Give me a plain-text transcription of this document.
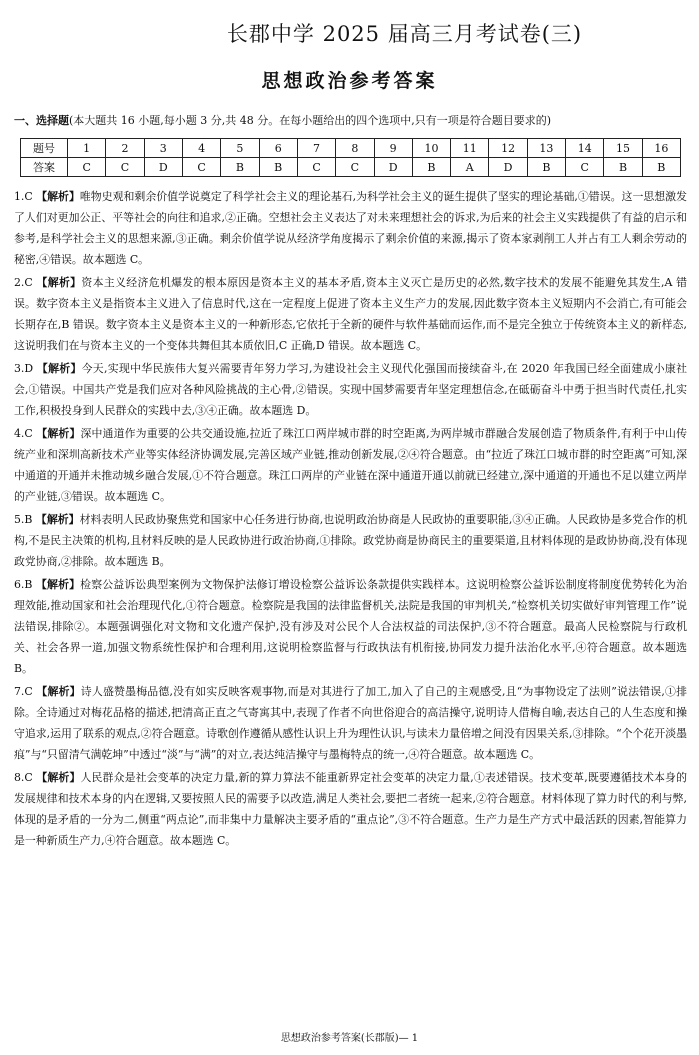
长郡中学 2025 届高三月考试卷(三)
思想政治参考答案
一、选择题(本大题共 16 小题,每小题 3 分,共 48 分。在每小题给出的四个选项中,只有一项是符合题目要求的)
题号	1	2	3	4	5	6	7	8	9	10	11	12	13	14	15	16
答案	C	C	D	C	B	B	C	C	D	B	A	D	B	C	B	B

1.C 【解析】唯物史观和剩余价值学说奠定了科学社会主义的理论基石,为科学社会主义的诞生提供了坚实的理论基础,①错误。这一思想激发了人们对更加公正、平等社会的向往和追求,②正确。空想社会主义表达了对未来理想社会的诉求,为后来的社会主义实践提供了有益的启示和参考,是科学社会主义的思想来源,③正确。剩余价值学说从经济学角度揭示了剩余价值的来源,揭示了资本家剥削工人并占有工人剩余劳动的秘密,④错误。故本题选 C。

2.C 【解析】资本主义经济危机爆发的根本原因是资本主义的基本矛盾,资本主义灭亡是历史的必然,数字技术的发展不能避免其发生,A 错误。数字资本主义是指资本主义进入了信息时代,这在一定程度上促进了资本主义生产力的发展,因此数字资本主义短期内不会消亡,有可能会长期存在,B 错误。数字资本主义是资本主义的一种新形态,它依托于全新的硬件与软件基础而运作,而不是完全独立于传统资本主义的新样态,这说明我们在与资本主义的一个变体共舞但其本质依旧,C 正确,D 错误。故本题选 C。

3.D 【解析】今天,实现中华民族伟大复兴需要青年努力学习,为建设社会主义现代化强国而接续奋斗,在 2020 年我国已经全面建成小康社会,①错误。中国共产党是我们应对各种风险挑战的主心骨,②错误。实现中国梦需要青年坚定理想信念,在砥砺奋斗中勇于担当时代责任,扎实工作,积极投身到人民群众的实践中去,③④正确。故本题选 D。

4.C 【解析】深中通道作为重要的公共交通设施,拉近了珠江口两岸城市群的时空距离,为两岸城市群融合发展创造了物质条件,有利于中山传统产业和深圳高新技术产业等实体经济协调发展,完善区域产业链,推动创新发展,②④符合题意。由“拉近了珠江口城市群的时空距离”可知,深中通道的开通并未推动城乡融合发展,①不符合题意。珠江口两岸的产业链在深中通道开通以前就已经建立,深中通道的开通也不足以建立两岸的产业链,③错误。故本题选 C。

5.B 【解析】材料表明人民政协聚焦党和国家中心任务进行协商,也说明政治协商是人民政协的重要职能,③④正确。人民政协是多党合作的机构,不是民主决策的机构,且材料反映的是人民政协进行政治协商,①排除。政党协商是协商民主的重要渠道,且材料体现的是政协协商,没有体现政党协商,②排除。故本题选 B。

6.B 【解析】检察公益诉讼典型案例为文物保护法修订增设检察公益诉讼条款提供实践样本。这说明检察公益诉讼制度将制度优势转化为治理效能,推动国家和社会治理现代化,①符合题意。检察院是我国的法律监督机关,法院是我国的审判机关,“检察机关切实做好审判管理工作”说法错误,排除②。本题强调强化对文物和文化遗产保护,没有涉及对公民个人合法权益的司法保护,③不符合题意。最高人民检察院与行政机关、社会各界一道,加强文物系统性保护和合理利用,这说明检察监督与行政执法有机衔接,协同发力提升法治化水平,④符合题意。故本题选 B。

7.C 【解析】诗人盛赞墨梅品德,没有如实反映客观事物,而是对其进行了加工,加入了自己的主观感受,且“为事物设定了法则”说法错误,①排除。全诗通过对梅花品格的描述,把清高正直之气寄寓其中,表现了作者不向世俗迎合的高洁操守,说明诗人借梅自喻,表达自己的人生态度和操守追求,运用了联系的观点,②符合题意。诗歌创作遵循从感性认识上升为理性认识,与读未力量倍增之间没有因果关系,③排除。“个个花开淡墨痕”与“只留清气满乾坤”中透过“淡”与“满”的对立,表达纯洁操守与墨梅特点的统一,④符合题意。故本题选 C。

8.C 【解析】人民群众是社会变革的决定力量,新的算力算法不能重新界定社会变革的决定力量,①表述错误。技术变革,既要遵循技术本身的发展规律和技术本身的内在逻辑,又要按照人民的需要予以改造,满足人类社会,要把二者统一起来,②符合题意。材料体现了算力时代的利与弊,体现的是矛盾的一分为二,侧重“两点论”,而非集中力量解决主要矛盾的“重点论”,③不符合题意。生产力是生产方式中最活跃的因素,智能算力是一种新质生产力,④符合题意。故本题选 C。

思想政治参考答案(长郡版)— 1
